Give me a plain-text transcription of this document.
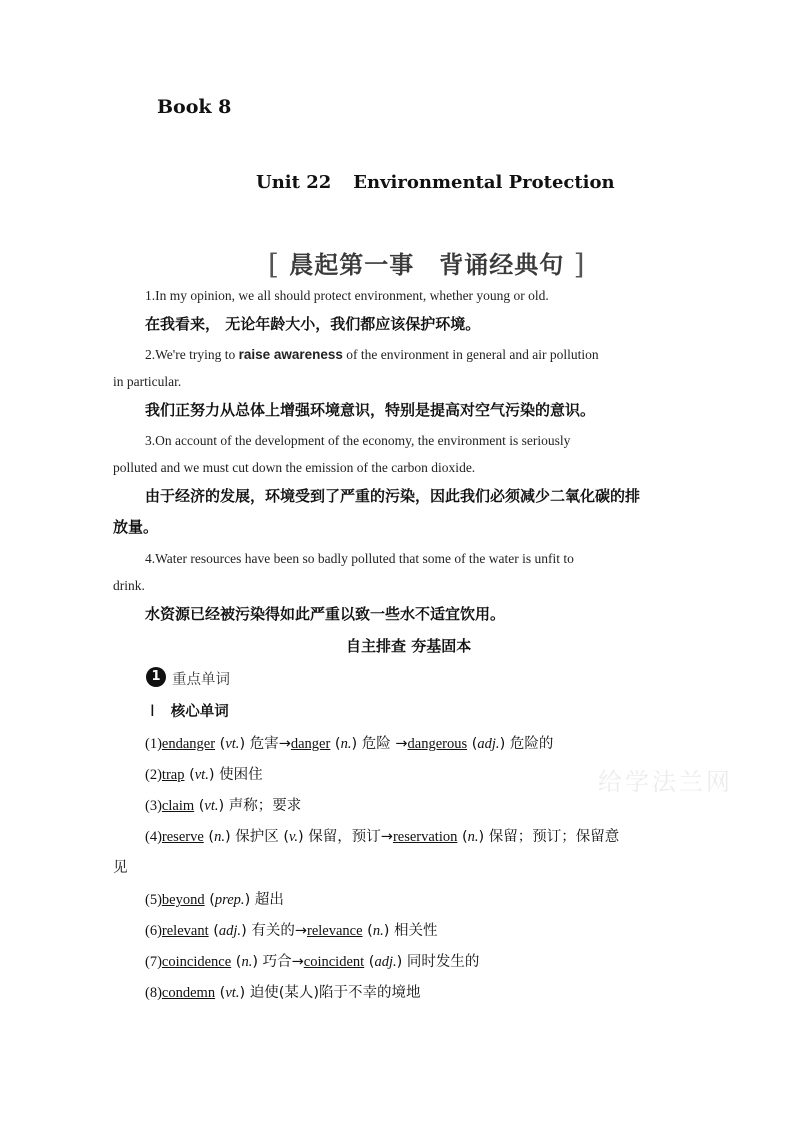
Book 8
Unit 22 Environmental Protection
[ 晨起第一事　背诵经典句 ]
1.In my opinion, we all should protect environment, whether young or old.
在我看来， 无论年龄大小，我们都应该保护环境。
2.We're trying to raise awareness of the environment in general and air pollution
in particular.
我们正努力从总体上增强环境意识，特别是提高对空气污染的意识。
3.On account of the development of the economy, the environment is seriously
polluted and we must cut down the emission of the carbon dioxide.
由于经济的发展，环境受到了严重的污染，因此我们必须减少二氧化碳的排
放量。
4.Water resources have been so badly polluted that some of the water is unfit to
drink.
水资源已经被污染得如此严重以致一些水不适宜饮用。
自主排查 夯基固本
1 重点单词
Ⅰ 核心单词
(1)endanger (vt.) 危害→danger (n.) 危险 →dangerous (adj.) 危险的
(2)trap (vt.) 使困住
(3)claim (vt.) 声称；要求
(4)reserve (n.) 保护区 (v.) 保留，预订→reservation (n.) 保留；预订；保留意
见
(5)beyond (prep.) 超出
(6)relevant (adj.) 有关的→relevance (n.) 相关性
(7)coincidence (n.) 巧合→coincident (adj.) 同时发生的
(8)condemn (vt.) 迫使(某人)陷于不幸的境地
给学法兰网
